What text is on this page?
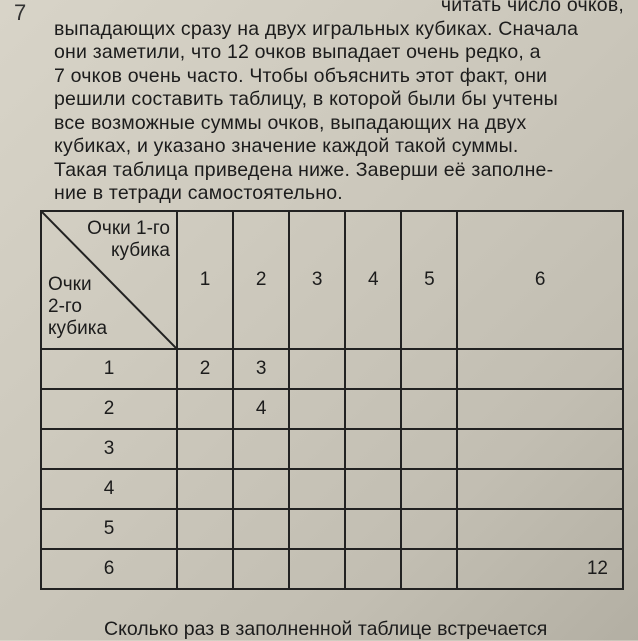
7	читать число очков,
выпадающих сразу на двух игральных кубиках. Сначала
они заметили, что 12 очков выпадает очень редко, а
7 очков очень часто. Чтобы объяснить этот факт, они
решили составить таблицу, в которой были бы учтены
все возможные суммы очков, выпадающих на двух
кубиках, и указано значение каждой такой суммы.
Такая таблица приведена ниже. Заверши её заполне-
ние в тетради самостоятельно.
Очки 1-го
кубика
Очки
2-го
кубика	1	2	3	4	5	6
1	2	3				
2		4				
3						
4						
5						
6						12
Сколько раз в заполненной таблице встречается
